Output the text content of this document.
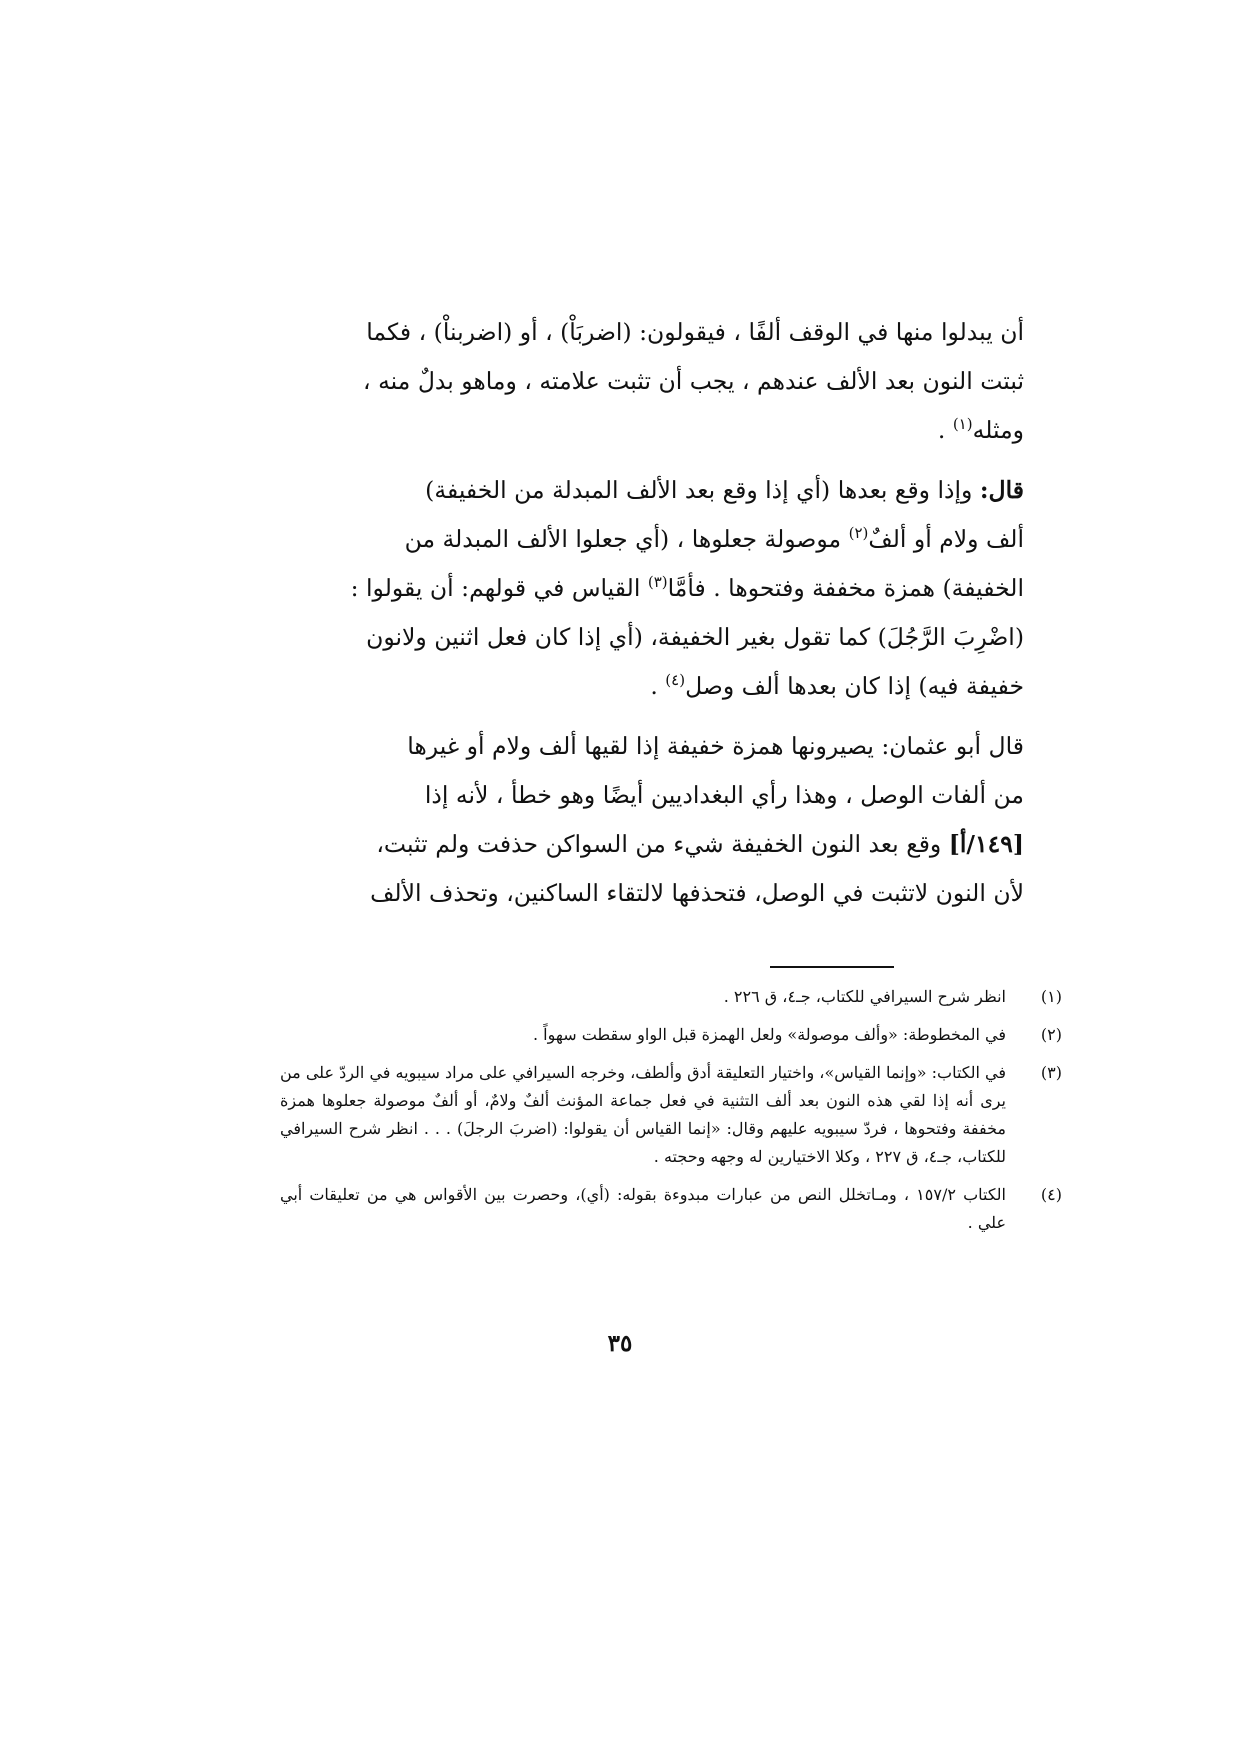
أن يبدلوا منها في الوقف ألفًا ، فيقولون: (اضربَاْ) ، أو (اضربناْ) ، فكما
ثبتت النون بعد الألف عندهم ، يجب أن تثبت علامته ، وماهو بدلٌ منه ،
ومثله$^{(١)}$ .
قال: وإذا وقع بعدها (أي إذا وقع بعد الألف المبدلة من الخفيفة)
ألف ولام أو ألفٌ$^{(٢)}$ موصولة جعلوها ، (أي جعلوا الألف المبدلة من
الخفيفة) همزة مخففة وفتحوها . فأمَّا$^{(٣)}$ القياس في قولهم: أن يقولوا :
(اضْرِبَ الرَّجُلَ) كما تقول بغير الخفيفة، (أي إذا كان فعل اثنين ولانون
خفيفة فيه) إذا كان بعدها ألف وصل$^{(٤)}$ .
قال أبو عثمان: يصيرونها همزة خفيفة إذا لقيها ألف ولام أو غيرها
من ألفات الوصل ، وهذا رأي البغداديين أيضًا وهو خطأ ، لأنه إذا
[١٤٩/أ] وقع بعد النون الخفيفة شيء من السواكن حذفت ولم تثبت،
لأن النون لاتثبت في الوصل، فتحذفها لالتقاء الساكنين، وتحذف الألف
(١)
انظر شرح السيرافي للكتاب، جـ٤، ق ٢٢٦ .
(٢)
في المخطوطة: «وألف موصولة» ولعل الهمزة قبل الواو سقطت سهواً .
(٣)
في الكتاب: «وإنما القياس»، واختيار التعليقة أدق وألطف، وخرجه السيرافي على مراد سيبويه في الردّ على من يرى أنه إذا لقي هذه النون بعد ألف التثنية في فعل جماعة المؤنث ألفٌ ولامٌ، أو ألفٌ موصولة جعلوها همزة مخففة وفتحوها ، فردّ سيبويه عليهم وقال: «إنما القياس أن يقولوا: (اضربَ الرجلَ) . . . انظر شرح السيرافي للكتاب، جـ٤، ق ٢٢٧ ، وكلا الاختيارين له وجهه وحجته .
(٤)
الكتاب ١٥٧/٢ ، ومـاتخلل النص من عبارات مبدوءة بقوله: (أي)، وحصرت بين الأقواس هي من تعليقات أبي علي .
٣٥
